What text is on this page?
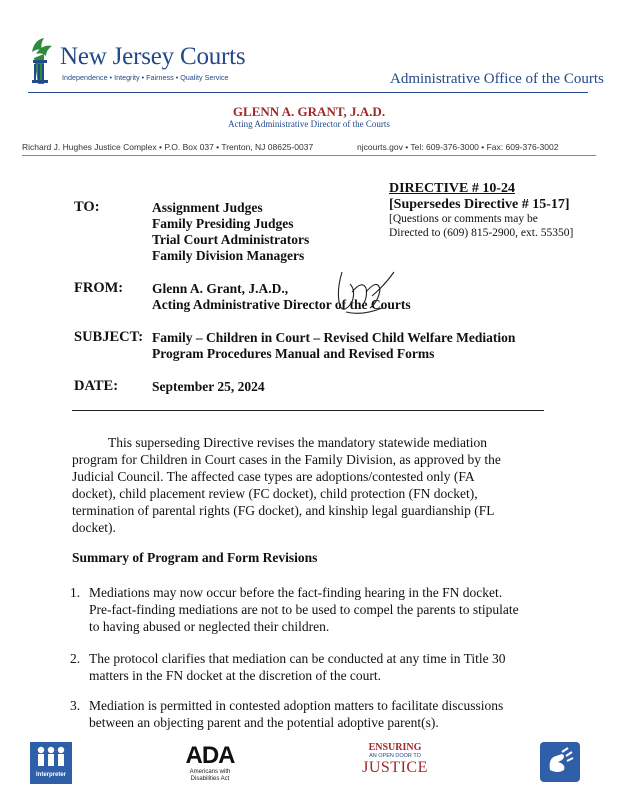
New Jersey Courts
Independence • Integrity • Fairness • Quality Service	Administrative Office of the Courts
GLENN A. GRANT, J.A.D.
Acting Administrative Director of the Courts
Richard J. Hughes Justice Complex • P.O. Box 037 • Trenton, NJ 08625-0037	njcourts.gov • Tel: 609-376-3000 • Fax: 609-376-3002
DIRECTIVE # 10-24
[Supersedes Directive # 15-17]
[Questions or comments may be
Directed to (609) 815-2900, ext. 55350]
TO:	Assignment Judges
Family Presiding Judges
Trial Court Administrators
Family Division Managers
FROM: Glenn A. Grant, J.A.D.,
Acting Administrative Director of the Courts
SUBJECT: Family – Children in Court – Revised Child Welfare Mediation
Program Procedures Manual and Revised Forms
DATE:	September 25, 2024
This superseding Directive revises the mandatory statewide mediation
program for Children in Court cases in the Family Division, as approved by the
Judicial Council. The affected case types are adoptions/contested only (FA
docket), child placement review (FC docket), child protection (FN docket),
termination of parental rights (FG docket), and kinship legal guardianship (FL
docket).
Summary of Program and Form Revisions
1. Mediations may now occur before the fact-finding hearing in the FN docket.
Pre-fact-finding mediations are not to be used to compel the parents to stipulate
to having abused or neglected their children.
2. The protocol clarifies that mediation can be conducted at any time in Title 30
matters in the FN docket at the discretion of the court.
3. Mediation is permitted in contested adoption matters to facilitate discussions
between an objecting parent and the potential adoptive parent(s).
Interpreter
ADA
Americans with
Disabilities Act
ENSURING
AN OPEN DOOR TO
JUSTICE
